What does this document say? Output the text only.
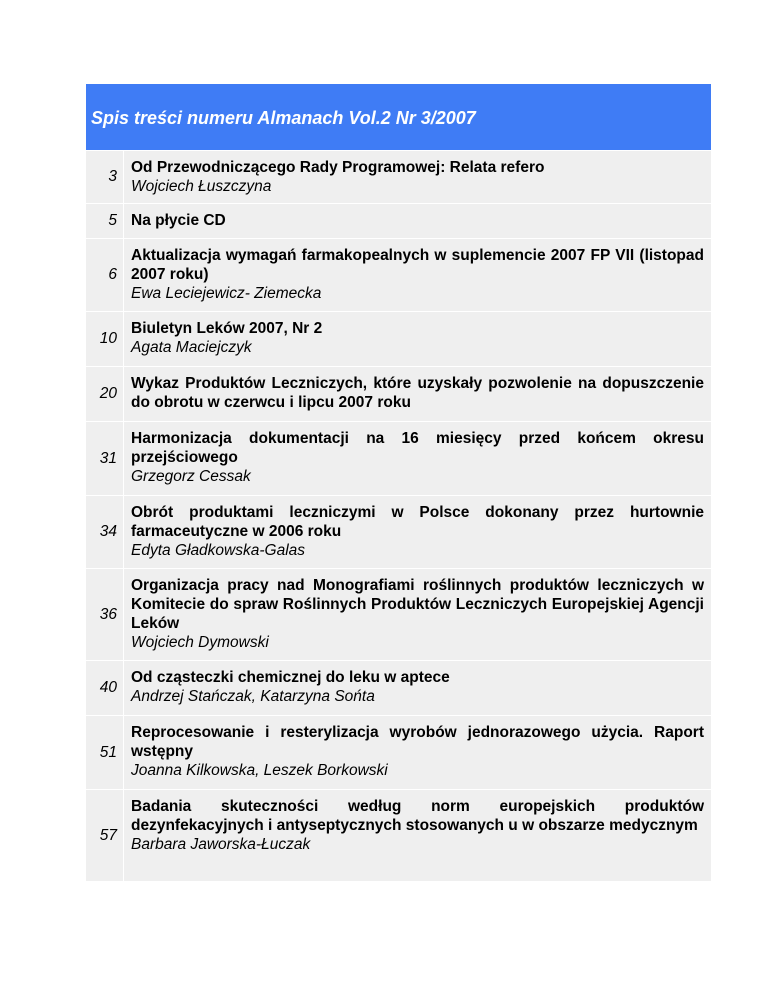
Spis treści numeru Almanach Vol.2 Nr 3/2007
3
Od Przewodniczącego Rady Programowej: Relata refero
Wojciech Łuszczyna
5 Na płycie CD
6
Aktualizacja wymagań farmakopealnych w suplemencie 2007 FP VII (listopad 2007 roku)
Ewa Leciejewicz- Ziemecka
10
Biuletyn Leków 2007, Nr 2
Agata Maciejczyk
20
Wykaz Produktów Leczniczych, które uzyskały pozwolenie na dopuszczenie do obrotu w czerwcu i lipcu 2007 roku
31
Harmonizacja dokumentacji na 16 miesięcy przed końcem okresu przejściowego
Grzegorz Cessak
34
Obrót produktami leczniczymi w Polsce dokonany przez hurtownie farmaceutyczne w 2006 roku
Edyta Gładkowska-Galas
36
Organizacja pracy nad Monografiami roślinnych produktów leczniczych w Komitecie do spraw Roślinnych Produktów Leczniczych Europejskiej Agencji Leków
Wojciech Dymowski
40
Od cząsteczki chemicznej do leku w aptece
Andrzej Stańczak, Katarzyna Sońta
51
Reprocesowanie i resterylizacja wyrobów jednorazowego użycia. Raport wstępny
Joanna Kilkowska, Leszek Borkowski
57
Badania skuteczności według norm europejskich produktów dezynfekacyjnych i antyseptycznych stosowanych u w obszarze medycznym
Barbara Jaworska-Łuczak
